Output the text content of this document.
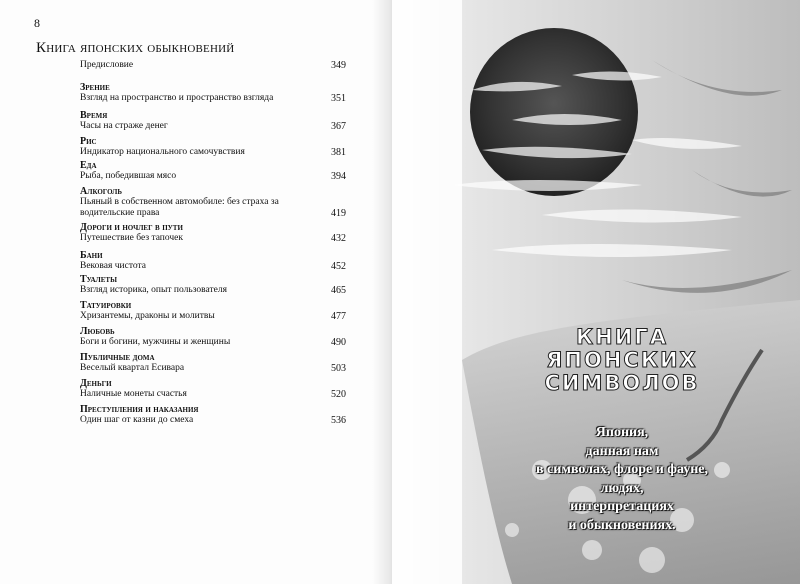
8
Книга японских обыкновений
Предисловие	349
Зрение
Взгляд на пространство и пространство взгляда	351
Время
Часы на страже денег	367
Рис
Индикатор национального самочувствия	381
Еда
Рыба, победившая мясо	394
Алкоголь
Пьяный в собственном автомобиле: без страха за водительские права	419
Дороги и ночлег в пути
Путешествие без тапочек	432
Бани
Вековая чистота	452
Туалеты
Взгляд историка, опыт пользователя	465
Татуировки
Хризантемы, драконы и молитвы	477
Любовь
Боги и богини, мужчины и женщины	490
Публичные дома
Веселый квартал Есивара	503
Деньги
Наличные монеты счастья	520
Преступления и наказания
Один шаг от казни до смеха	536
КНИГА
ЯПОНСКИХ
СИМВОЛОВ
Япония,
данная нам
в символах, флоре и фауне,
людях,
интерпретациях
и обыкновениях.
